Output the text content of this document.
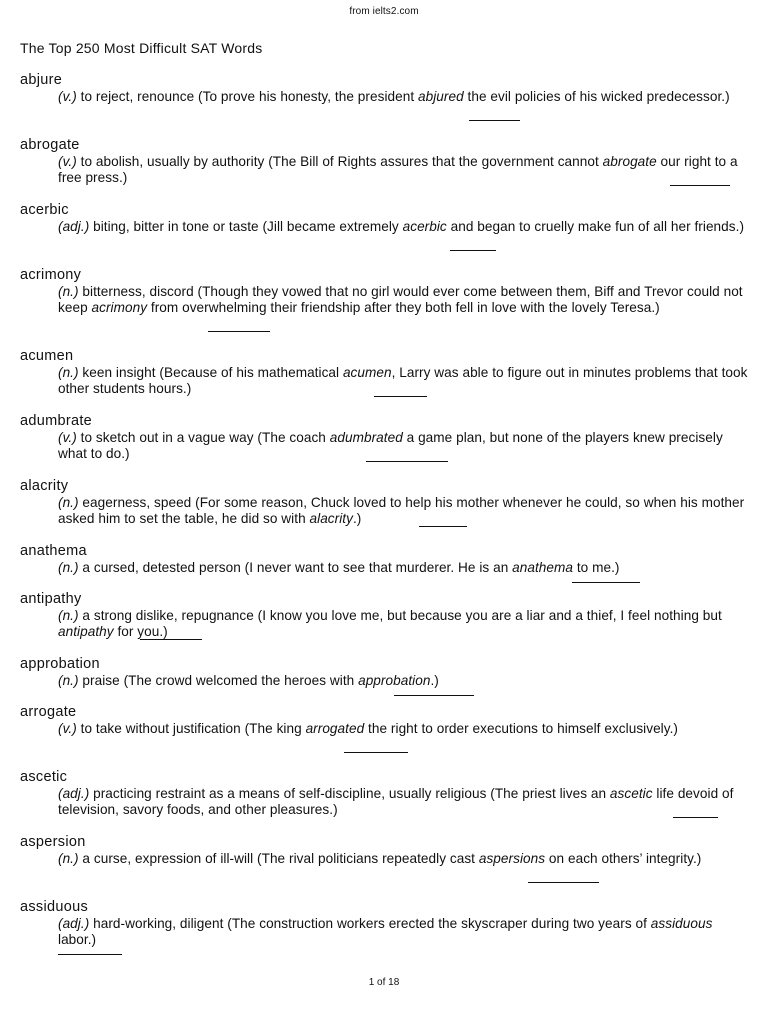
from ielts2.com
The Top 250 Most Difficult SAT Words
abjure
(v.) to reject, renounce (To prove his honesty, the president abjured the evil policies of his wicked predecessor.)
abrogate
(v.) to abolish, usually by authority (The Bill of Rights assures that the government cannot abrogate our right to a free press.)
acerbic
(adj.) biting, bitter in tone or taste (Jill became extremely acerbic and began to cruelly make fun of all her friends.)
acrimony
(n.) bitterness, discord (Though they vowed that no girl would ever come between them, Biff and Trevor could not keep acrimony from overwhelming their friendship after they both fell in love with the lovely Teresa.)
acumen
(n.) keen insight (Because of his mathematical acumen, Larry was able to figure out in minutes problems that took other students hours.)
adumbrate
(v.) to sketch out in a vague way (The coach adumbrated a game plan, but none of the players knew precisely what to do.)
alacrity
(n.) eagerness, speed (For some reason, Chuck loved to help his mother whenever he could, so when his mother asked him to set the table, he did so with alacrity.)
anathema
(n.) a cursed, detested person (I never want to see that murderer. He is an anathema to me.)
antipathy
(n.) a strong dislike, repugnance (I know you love me, but because you are a liar and a thief, I feel nothing but antipathy for you.)
approbation
(n.) praise (The crowd welcomed the heroes with approbation.)
arrogate
(v.) to take without justification (The king arrogated the right to order executions to himself exclusively.)
ascetic
(adj.) practicing restraint as a means of self-discipline, usually religious (The priest lives an ascetic life devoid of television, savory foods, and other pleasures.)
aspersion
(n.) a curse, expression of ill-will (The rival politicians repeatedly cast aspersions on each others’ integrity.)
assiduous
(adj.) hard-working, diligent (The construction workers erected the skyscraper during two years of assiduous labor.)
1 of 18
